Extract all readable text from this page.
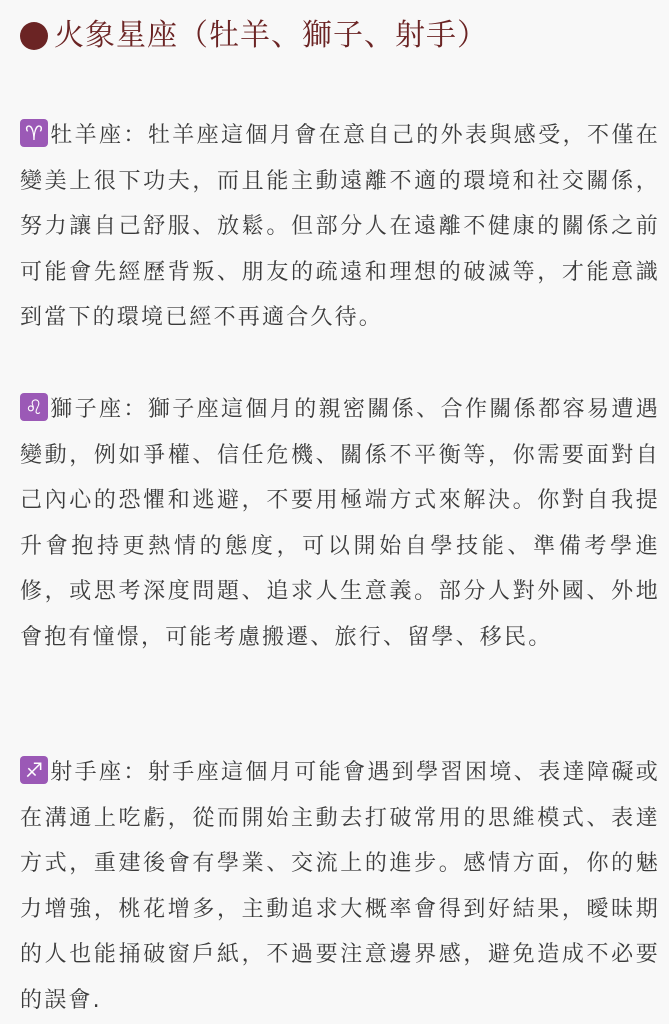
火象星座（牡羊、獅子、射手）
♈ 牡羊座：牡羊座這個月會在意自己的外表與感受，不僅在變美上很下功夫，而且能主動遠離不適的環境和社交關係，努力讓自己舒服、放鬆。但部分人在遠離不健康的關係之前可能會先經歷背叛、朋友的疏遠和理想的破滅等，才能意識到當下的環境已經不再適合久待。
♌ 獅子座：獅子座這個月的親密關係、合作關係都容易遭遇變動，例如爭權、信任危機、關係不平衡等，你需要面對自己內心的恐懼和逃避，不要用極端方式來解決。你對自我提升會抱持更熱情的態度，可以開始自學技能、準備考學進修，或思考深度問題、追求人生意義。部分人對外國、外地會抱有憧憬，可能考慮搬遷、旅行、留學、移民。
♐ 射手座：射手座這個月可能會遇到學習困境、表達障礙或在溝通上吃虧，從而開始主動去打破常用的思維模式、表達方式，重建後會有學業、交流上的進步。感情方面，你的魅力增強，桃花增多，主動追求大概率會得到好結果，曖昧期的人也能捅破窗戶紙，不過要注意邊界感，避免造成不必要的誤會.
